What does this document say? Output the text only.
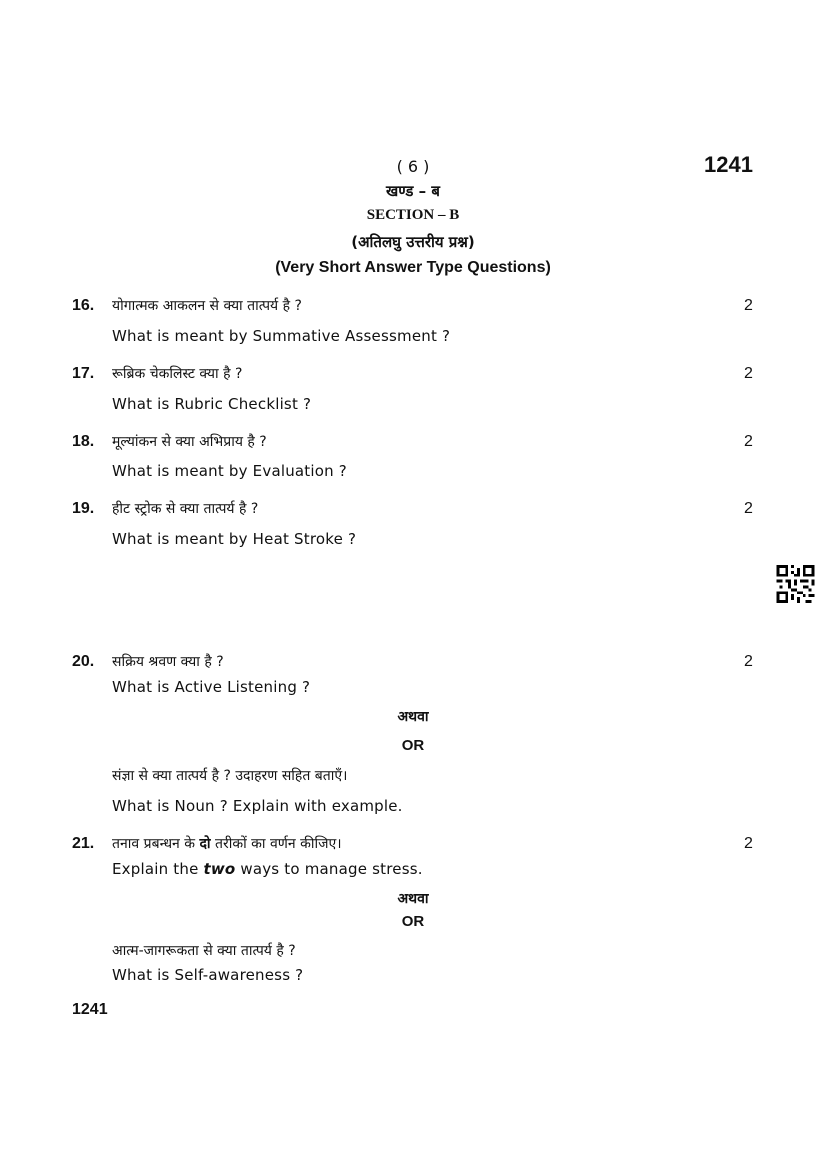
( 6 )	1241
खण्ड – ब
SECTION – B
(अतिलघु उत्तरीय प्रश्न)
(Very Short Answer Type Questions)
16. योगात्मक आकलन से क्या तात्पर्य है ?	2
What is meant by Summative Assessment ?
17. रूब्रिक चेकलिस्ट क्या है ?	2
What is Rubric Checklist ?
18. मूल्यांकन से क्या अभिप्राय है ?	2
What is meant by Evaluation ?
19. हीट स्ट्रोक से क्या तात्पर्य है ?	2
What is meant by Heat Stroke ?
20. सक्रिय श्रवण क्या है ?	2
What is Active Listening ?
अथवा
OR
संज्ञा से क्या तात्पर्य है ? उदाहरण सहित बताएँ।
What is Noun ? Explain with example.
21. तनाव प्रबन्धन के दो तरीकों का वर्णन कीजिए।	2
Explain the two ways to manage stress.
अथवा
OR
आत्म-जागरूकता से क्या तात्पर्य है ?
What is Self-awareness ?
1241
